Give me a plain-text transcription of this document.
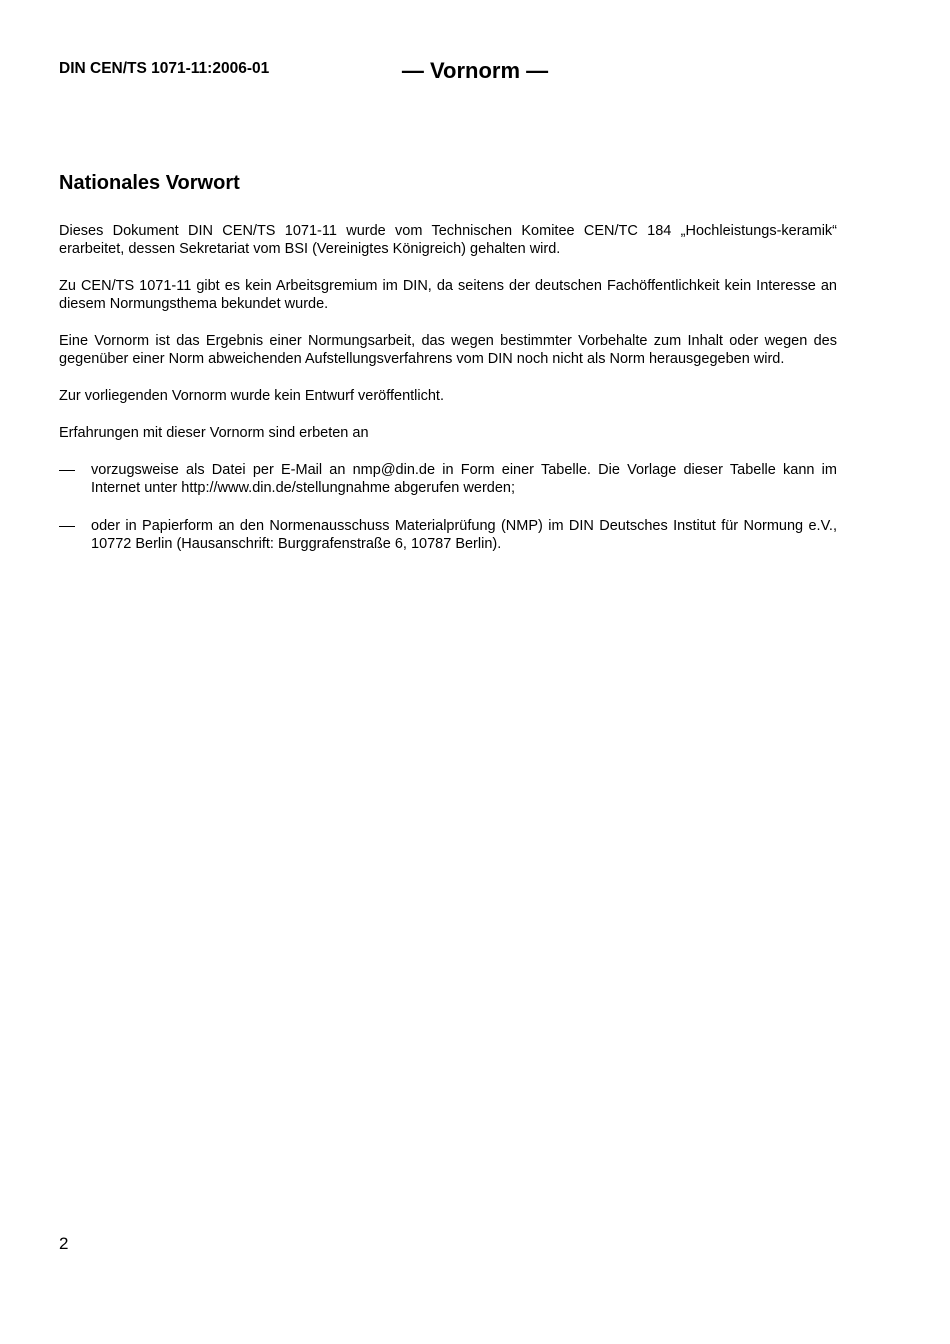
DIN CEN/TS 1071-11:2006-01	— Vornorm —

Nationales Vorwort

Dieses Dokument DIN CEN/TS 1071-11 wurde vom Technischen Komitee CEN/TC 184 „Hochleistungs-keramik“ erarbeitet, dessen Sekretariat vom BSI (Vereinigtes Königreich) gehalten wird.

Zu CEN/TS 1071-11 gibt es kein Arbeitsgremium im DIN, da seitens der deutschen Fachöffentlichkeit kein Interesse an diesem Normungsthema bekundet wurde.

Eine Vornorm ist das Ergebnis einer Normungsarbeit, das wegen bestimmter Vorbehalte zum Inhalt oder wegen des gegenüber einer Norm abweichenden Aufstellungsverfahrens vom DIN noch nicht als Norm herausgegeben wird.

Zur vorliegenden Vornorm wurde kein Entwurf veröffentlicht.

Erfahrungen mit dieser Vornorm sind erbeten an

vorzugsweise als Datei per E-Mail an nmp@din.de in Form einer Tabelle. Die Vorlage dieser Tabelle kann im Internet unter http://www.din.de/stellungnahme abgerufen werden;
oder in Papierform an den Normenausschuss Materialprüfung (NMP) im DIN Deutsches Institut für Normung e.V., 10772 Berlin (Hausanschrift: Burggrafenstraße 6, 10787 Berlin).

2
